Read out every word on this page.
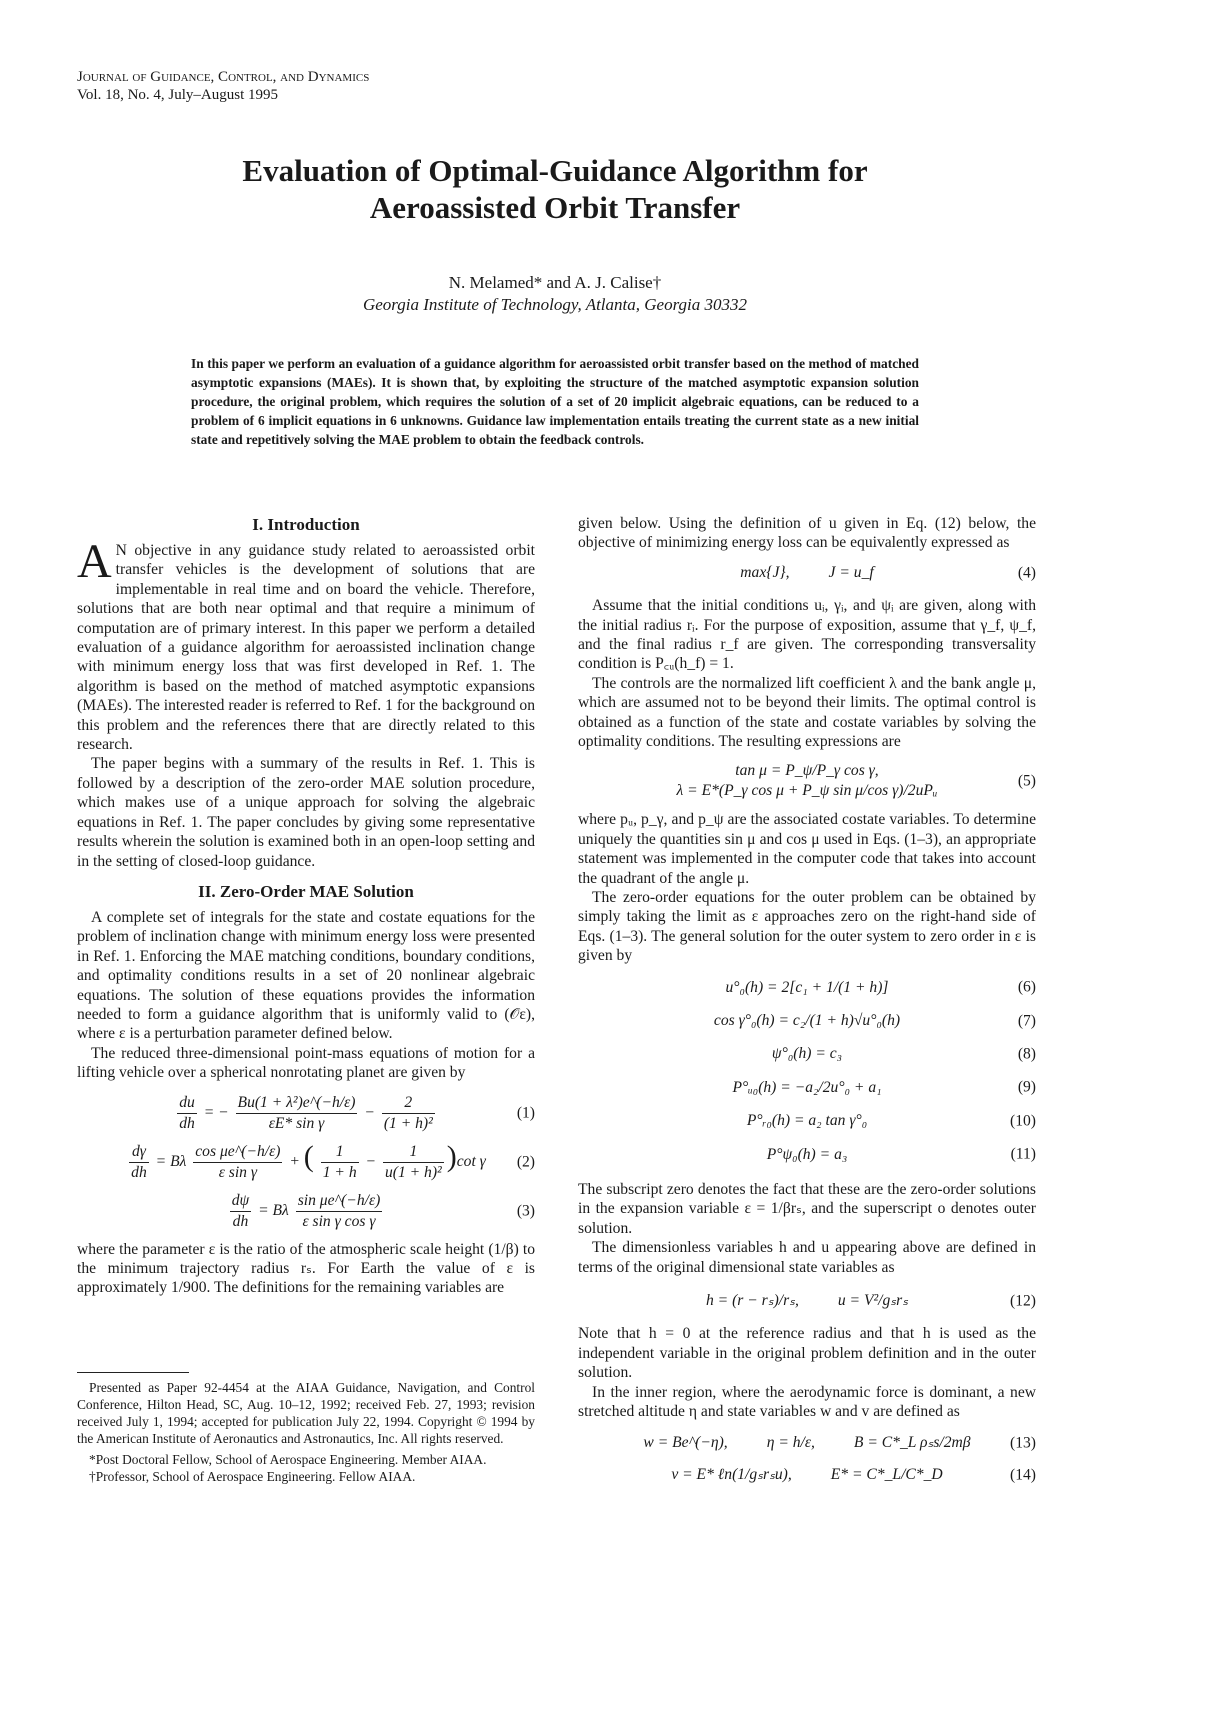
Journal of Guidance, Control, and Dynamics
Vol. 18, No. 4, July–August 1995
Evaluation of Optimal-Guidance Algorithm for Aeroassisted Orbit Transfer
N. Melamed* and A. J. Calise†
Georgia Institute of Technology, Atlanta, Georgia 30332
In this paper we perform an evaluation of a guidance algorithm for aeroassisted orbit transfer based on the method of matched asymptotic expansions (MAEs). It is shown that, by exploiting the structure of the matched asymptotic expansion solution procedure, the original problem, which requires the solution of a set of 20 implicit algebraic equations, can be reduced to a problem of 6 implicit equations in 6 unknowns. Guidance law implementation entails treating the current state as a new initial state and repetitively solving the MAE problem to obtain the feedback controls.
I. Introduction

A N objective in any guidance study related to aeroassisted orbit transfer vehicles is the development of solutions that are implementable in real time and on board the vehicle. Therefore, solutions that are both near optimal and that require a minimum of computation are of primary interest. In this paper we perform a detailed evaluation of a guidance algorithm for aeroassisted inclination change with minimum energy loss that was first developed in Ref. 1. The algorithm is based on the method of matched asymptotic expansions (MAEs). The interested reader is referred to Ref. 1 for the background on this problem and the references there that are directly related to this research.

The paper begins with a summary of the results in Ref. 1. This is followed by a description of the zero-order MAE solution procedure, which makes use of a unique approach for solving the algebraic equations in Ref. 1. The paper concludes by giving some representative results wherein the solution is examined both in an open-loop setting and in the setting of closed-loop guidance.

II. Zero-Order MAE Solution

A complete set of integrals for the state and costate equations for the problem of inclination change with minimum energy loss were presented in Ref. 1. Enforcing the MAE matching conditions, boundary conditions, and optimality conditions results in a set of 20 nonlinear algebraic equations. The solution of these equations provides the information needed to form a guidance algorithm that is uniformly valid to (𝒪ε), where ε is a perturbation parameter defined below.

The reduced three-dimensional point-mass equations of motion for a lifting vehicle over a spherical nonrotating planet are given by

$\frac{du}{dh}$ = − $\frac{\text{Bu(1 + λ²)e\textasciicircum{}(−h/ε)}}{\text{εE* sin γ}} - \frac{2}{\text{(1 + h)²}}$	(1)
$\frac{d\gamma}{dh} = B\lambda \frac{\text{cos μe\textasciicircum{}(−h/ε)}}{\text{ε sin γ}}$ + ( $\frac{1}{1 + h} - \frac{1}{\text{u(1 + h)²}} )\cot$ γ (2)
$\frac{d\psi}{dh} = B\lambda \frac{\text{sin μe\textasciicircum{}(−h/ε)}}{\text{ε sin γ cos γ}}$	(3)

where the parameter ε is the ratio of the atmospheric scale height (1/β) to the minimum trajectory radius rₛ. For Earth the value of ε is approximately 1/900. The definitions for the remaining variables are

given below. Using the definition of u given in Eq. (12) below, the objective of minimizing energy loss can be equivalently expressed as

max{J},          J = u_f	(4)

Assume that the initial conditions uᵢ, γᵢ, and ψᵢ are given, along with the initial radius rᵢ. For the purpose of exposition, assume that γ_f, ψ_f, and the final radius r_f are given. The corresponding transversality condition is P꜀ᵤ(h_f) = 1.

The controls are the normalized lift coefficient λ and the bank angle μ, which are assumed not to be beyond their limits. The optimal control is obtained as a function of the state and costate variables by solving the optimality conditions. The resulting expressions are

tan μ = P_ψ/P_γ cos γ,
λ = E*(P_γ cos μ + P_ψ sin μ/cos γ)/2uPᵤ
(5)

where pᵤ, p_γ, and p_ψ are the associated costate variables. To determine uniquely the quantities sin μ and cos μ used in Eqs. (1–3), an appropriate statement was implemented in the computer code that takes into account the quadrant of the angle μ.

The zero-order equations for the outer problem can be obtained by simply taking the limit as ε approaches zero on the right-hand side of Eqs. (1–3). The general solution for the outer system to zero order in ε is given by

u°₀(h) = 2[c₁ + 1/(1 + h)]	(6)
cos γ°₀(h) = c₂/(1 + h)√u°₀(h)	(7)
ψ°₀(h) = c₃	(8)
P°ᵤ₀(h) = −a₂/2u°₀ + a₁	(9)
P°ᵣ₀(h) = a₂ tan γ°₀	(10)
P°ψ₀(h) = a₃	(11)

The subscript zero denotes the fact that these are the zero-order solutions in the expansion variable ε = 1/βrₛ, and the superscript o denotes outer solution.

The dimensionless variables h and u appearing above are defined in terms of the original dimensional state variables as

h = (r − rₛ)/rₛ,          u = V²/gₛrₛ	(12)

Note that h = 0 at the reference radius and that h is used as the independent variable in the original problem definition and in the outer solution.

In the inner region, where the aerodynamic force is dominant, a new stretched altitude η and state variables w and v are defined as

w = Be^(−η),          η = h/ε,          B = C*_L ρₛs/2mβ	(13)
v = E* ℓn(1/gₛrₛu),          E* = C*_L/C*_D	(14)

Presented as Paper 92-4454 at the AIAA Guidance, Navigation, and Control Conference, Hilton Head, SC, Aug. 10–12, 1992; received Feb. 27, 1993; revision received July 1, 1994; accepted for publication July 22, 1994. Copyright © 1994 by the American Institute of Aeronautics and Astronautics, Inc. All rights reserved.

*Post Doctoral Fellow, School of Aerospace Engineering. Member AIAA.

†Professor, School of Aerospace Engineering. Fellow AIAA.
